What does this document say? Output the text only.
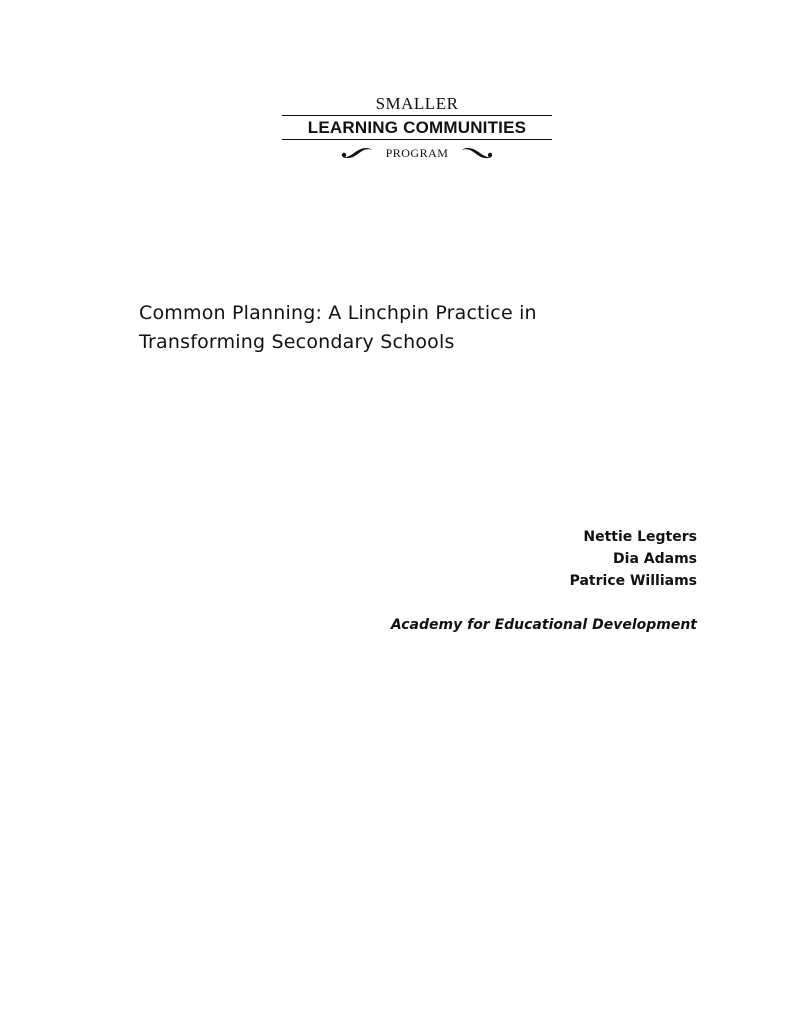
SMALLER
LEARNING COMMUNITIES
PROGRAM
Common Planning: A Linchpin Practice in
Transforming Secondary Schools
Nettie Legters
Dia Adams
Patrice Williams
Academy for Educational Development
